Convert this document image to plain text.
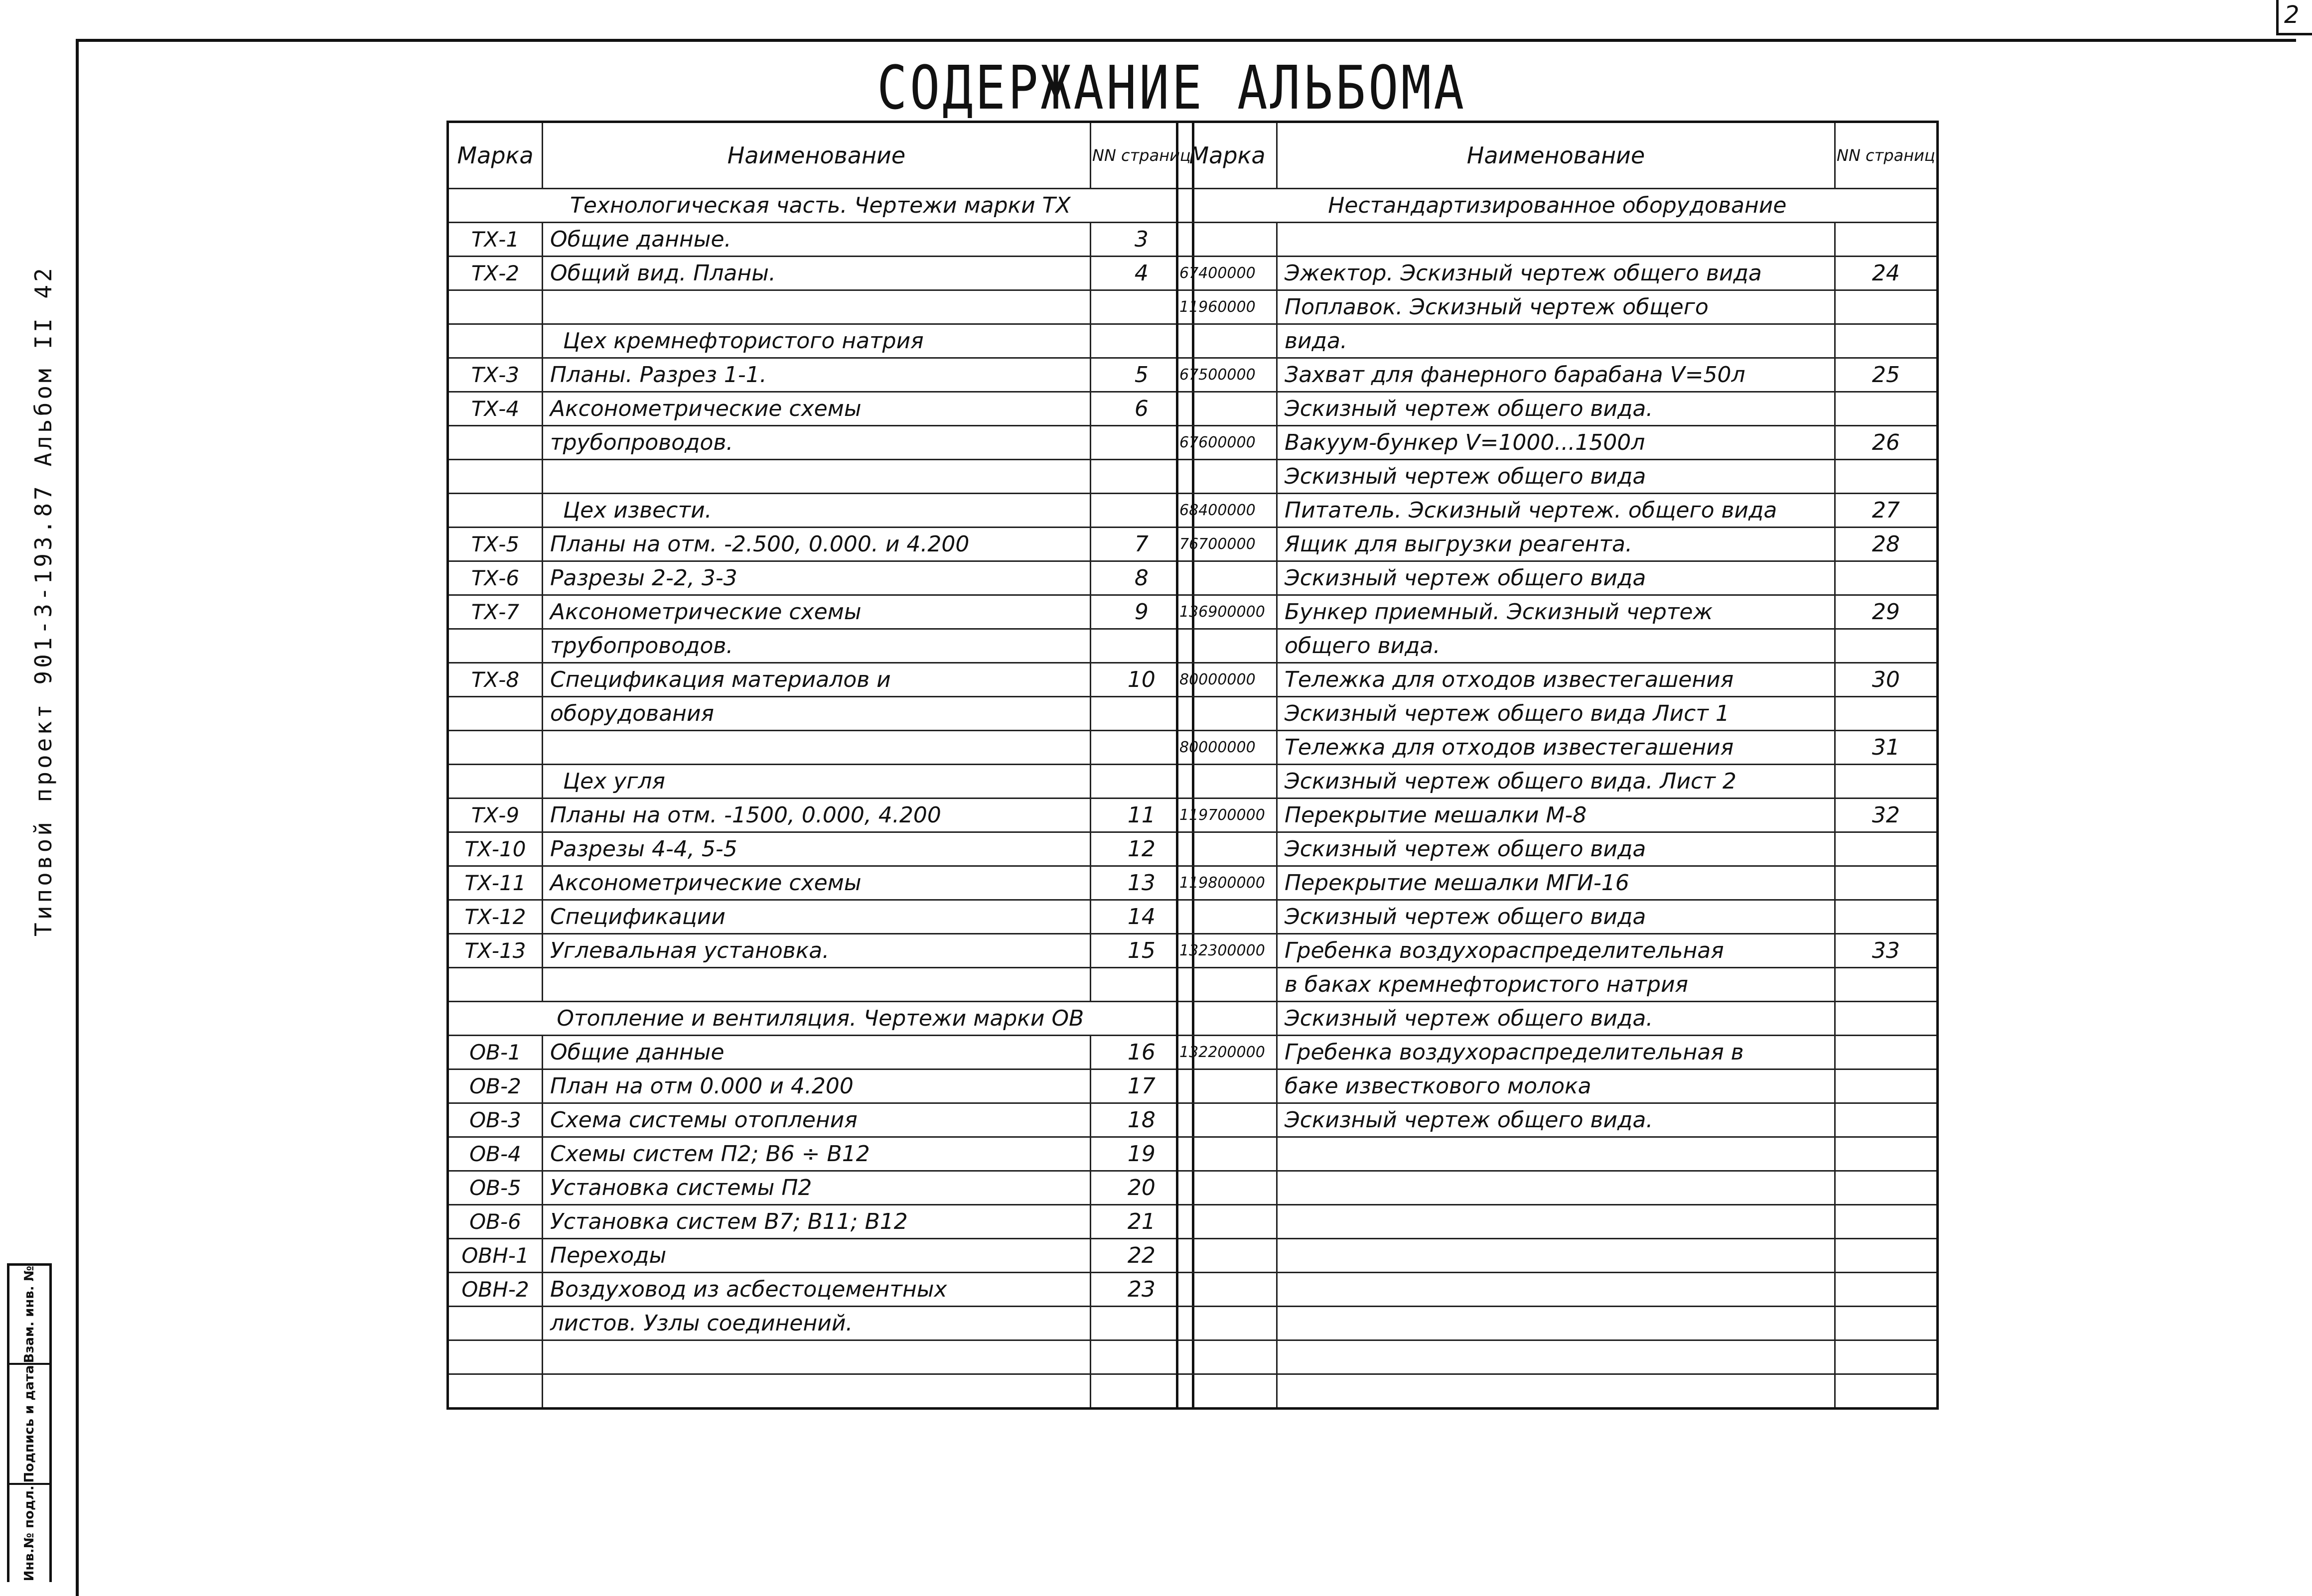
2
СОДЕРЖАНИЕ АЛЬБОМА
Типовой проект 901-3-193.87 Альбом II 42
Инв.№ подл.
Подпись и дата
Взам. инв. №
Марка	Наименование	NN страниц
Технологическая часть. Чертежи марки ТХ		
ТХ-1	Общие данные.	3
ТХ-2	Общий вид. Планы.	4

	Цех кремнефтористого натрия	
ТХ-3	Планы. Разрез 1-1.	5
ТХ-4	Аксонометрические схемы	6
	трубопроводов.	

	Цех извести.	
ТХ-5	Планы на отм. -2.500, 0.000. и 4.200	7
ТХ-6	Разрезы 2-2, 3-3	8
ТХ-7	Аксонометрические схемы	9
	трубопроводов.	
ТХ-8	Спецификация материалов и	10
	оборудования	

	Цех угля	
ТХ-9	Планы на отм. -1500, 0.000, 4.200	11
ТХ-10	Разрезы 4-4, 5-5	12
ТХ-11	Аксонометрические схемы	13
ТХ-12	Спецификации	14
ТХ-13	Углевальная установка.	15

Отопление и вентиляция. Чертежи марки ОВ		
ОВ-1	Общие данные	16
ОВ-2	План на отм 0.000 и 4.200	17
ОВ-3	Схема системы отопления	18
ОВ-4	Схемы систем П2; В6 ÷ В12	19
ОВ-5	Установка системы П2	20
ОВ-6	Установка систем В7; В11; В12	21
ОВН-1	Переходы	22
ОВН-2	Воздуховод из асбестоцементных	23
	листов. Узлы соединений.	

Марка	Наименование	NN страниц
Нестандартизированное оборудование		

67400000	Эжектор. Эскизный чертеж общего вида	24
11960000	Поплавок. Эскизный чертеж общего	
	вида.	
67500000	Захват для фанерного барабана V=50л	25
	Эскизный чертеж общего вида.	
67600000	Вакуум-бункер V=1000...1500л	26
	Эскизный чертеж общего вида	
68400000	Питатель. Эскизный чертеж. общего вида	27
76700000	Ящик для выгрузки реагента.	28
	Эскизный чертеж общего вида	
136900000	Бункер приемный. Эскизный чертеж	29
	общего вида.	
80000000	Тележка для отходов известегашения	30
	Эскизный чертеж общего вида Лист 1	
80000000	Тележка для отходов известегашения	31
	Эскизный чертеж общего вида. Лист 2	
119700000	Перекрытие мешалки М-8	32
	Эскизный чертеж общего вида	
119800000	Перекрытие мешалки МГИ-16	
	Эскизный чертеж общего вида	
132300000	Гребенка воздухораспределительная	33
	в баках кремнефтористого натрия	
	Эскизный чертеж общего вида.	
132200000	Гребенка воздухораспределительная в	
	баке известкового молока	
	Эскизный чертеж общего вида.	
